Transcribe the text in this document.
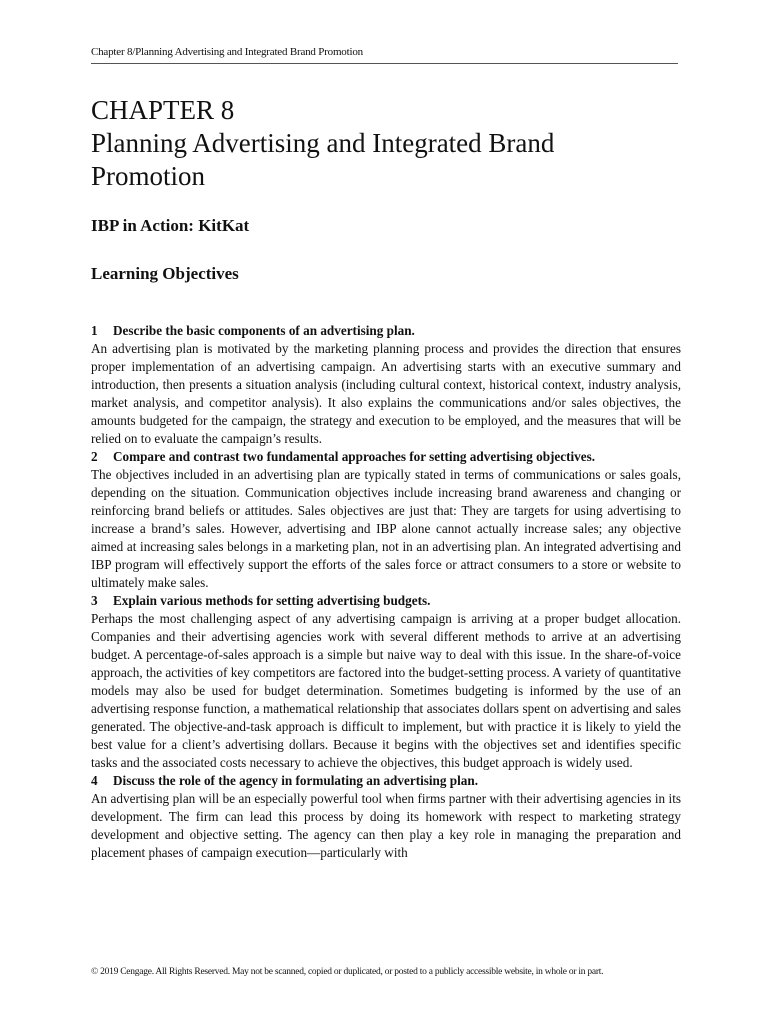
Chapter 8/Planning Advertising and Integrated Brand Promotion
CHAPTER 8
Planning Advertising and Integrated Brand
Promotion
IBP in Action: KitKat
Learning Objectives

1 Describe the basic components of an advertising plan.

An advertising plan is motivated by the marketing planning process and provides the direction that ensures proper implementation of an advertising campaign. An advertising starts with an executive summary and introduction, then presents a situation analysis (including cultural context, historical context, industry analysis, market analysis, and competitor analysis). It also explains the communications and/or sales objectives, the amounts budgeted for the campaign, the strategy and execution to be employed, and the measures that will be relied on to evaluate the campaign’s results.

2 Compare and contrast two fundamental approaches for setting advertising objectives.

The objectives included in an advertising plan are typically stated in terms of communications or sales goals, depending on the situation. Communication objectives include increasing brand awareness and changing or reinforcing brand beliefs or attitudes. Sales objectives are just that: They are targets for using advertising to increase a brand’s sales. However, advertising and IBP alone cannot actually increase sales; any objective aimed at increasing sales belongs in a marketing plan, not in an advertising plan. An integrated advertising and IBP program will effectively support the efforts of the sales force or attract consumers to a store or website to ultimately make sales.

3 Explain various methods for setting advertising budgets.

Perhaps the most challenging aspect of any advertising campaign is arriving at a proper budget allocation. Companies and their advertising agencies work with several different methods to arrive at an advertising budget. A percentage-of-sales approach is a simple but naive way to deal with this issue. In the share-of-voice approach, the activities of key competitors are factored into the budget-setting process. A variety of quantitative models may also be used for budget determination. Sometimes budgeting is informed by the use of an advertising response function, a mathematical relationship that associates dollars spent on advertising and sales generated. The objective-and-task approach is difficult to implement, but with practice it is likely to yield the best value for a client’s advertising dollars. Because it begins with the objectives set and identifies specific tasks and the associated costs necessary to achieve the objectives, this budget approach is widely used.

4 Discuss the role of the agency in formulating an advertising plan.

An advertising plan will be an especially powerful tool when firms partner with their advertising agencies in its development. The firm can lead this process by doing its homework with respect to marketing strategy development and objective setting. The agency can then play a key role in managing the preparation and placement phases of campaign execution—particularly with

© 2019 Cengage. All Rights Reserved. May not be scanned, copied or duplicated, or posted to a publicly accessible website, in whole or in part.
